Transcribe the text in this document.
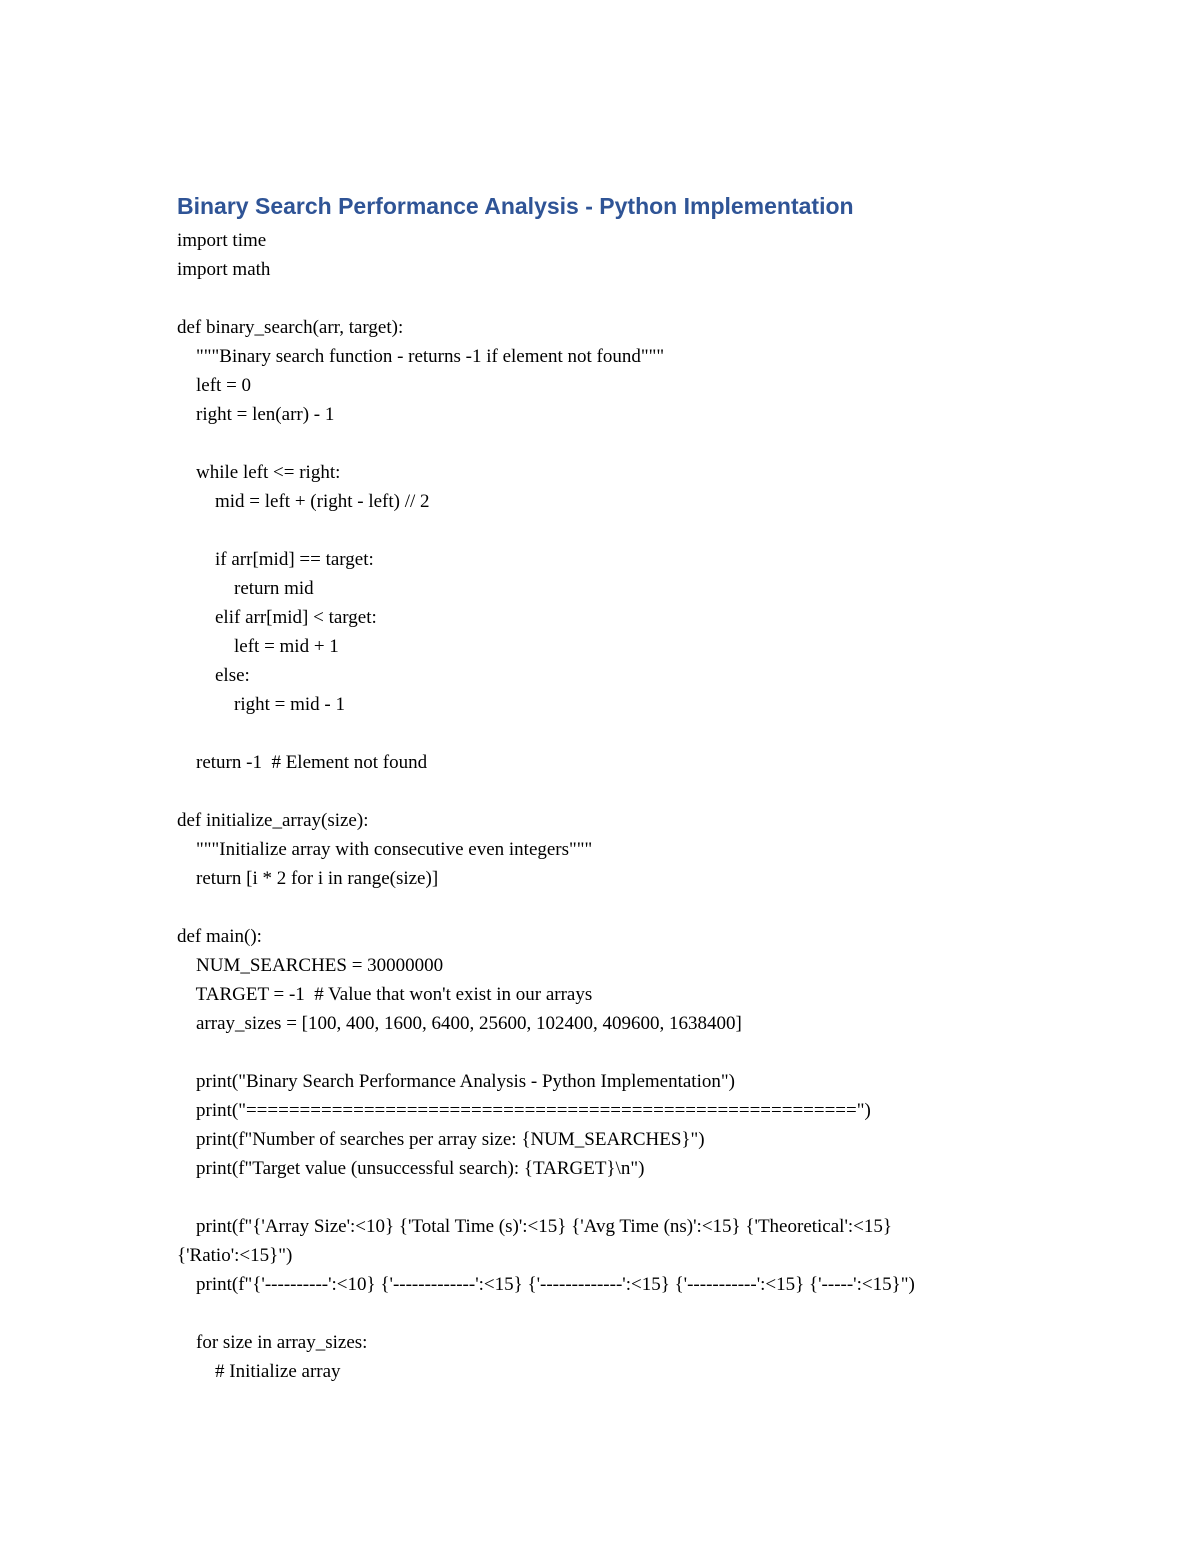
Binary Search Performance Analysis - Python Implementation
import time
import math

def binary_search(arr, target):
"""Binary search function - returns -1 if element not found"""
left = 0
right = len(arr) - 1

while left <= right:
mid = left + (right - left) // 2

if arr[mid] == target:
return mid
elif arr[mid] < target:
left = mid + 1
else:
right = mid - 1

return -1  # Element not found

def initialize_array(size):
"""Initialize array with consecutive even integers"""
return [i * 2 for i in range(size)]

def main():
NUM_SEARCHES = 30000000
TARGET = -1  # Value that won't exist in our arrays
array_sizes = [100, 400, 1600, 6400, 25600, 102400, 409600, 1638400]

print("Binary Search Performance Analysis - Python Implementation")
print("=========================================================")
print(f"Number of searches per array size: {NUM_SEARCHES}")
print(f"Target value (unsuccessful search): {TARGET}\n")

print(f"{'Array Size':<10} {'Total Time (s)':<15} {'Avg Time (ns)':<15} {'Theoretical':<15}
{'Ratio':<15}")
print(f"{'----------':<10} {'-------------':<15} {'-------------':<15} {'-----------':<15} {'-----':<15}")

for size in array_sizes:
# Initialize array
